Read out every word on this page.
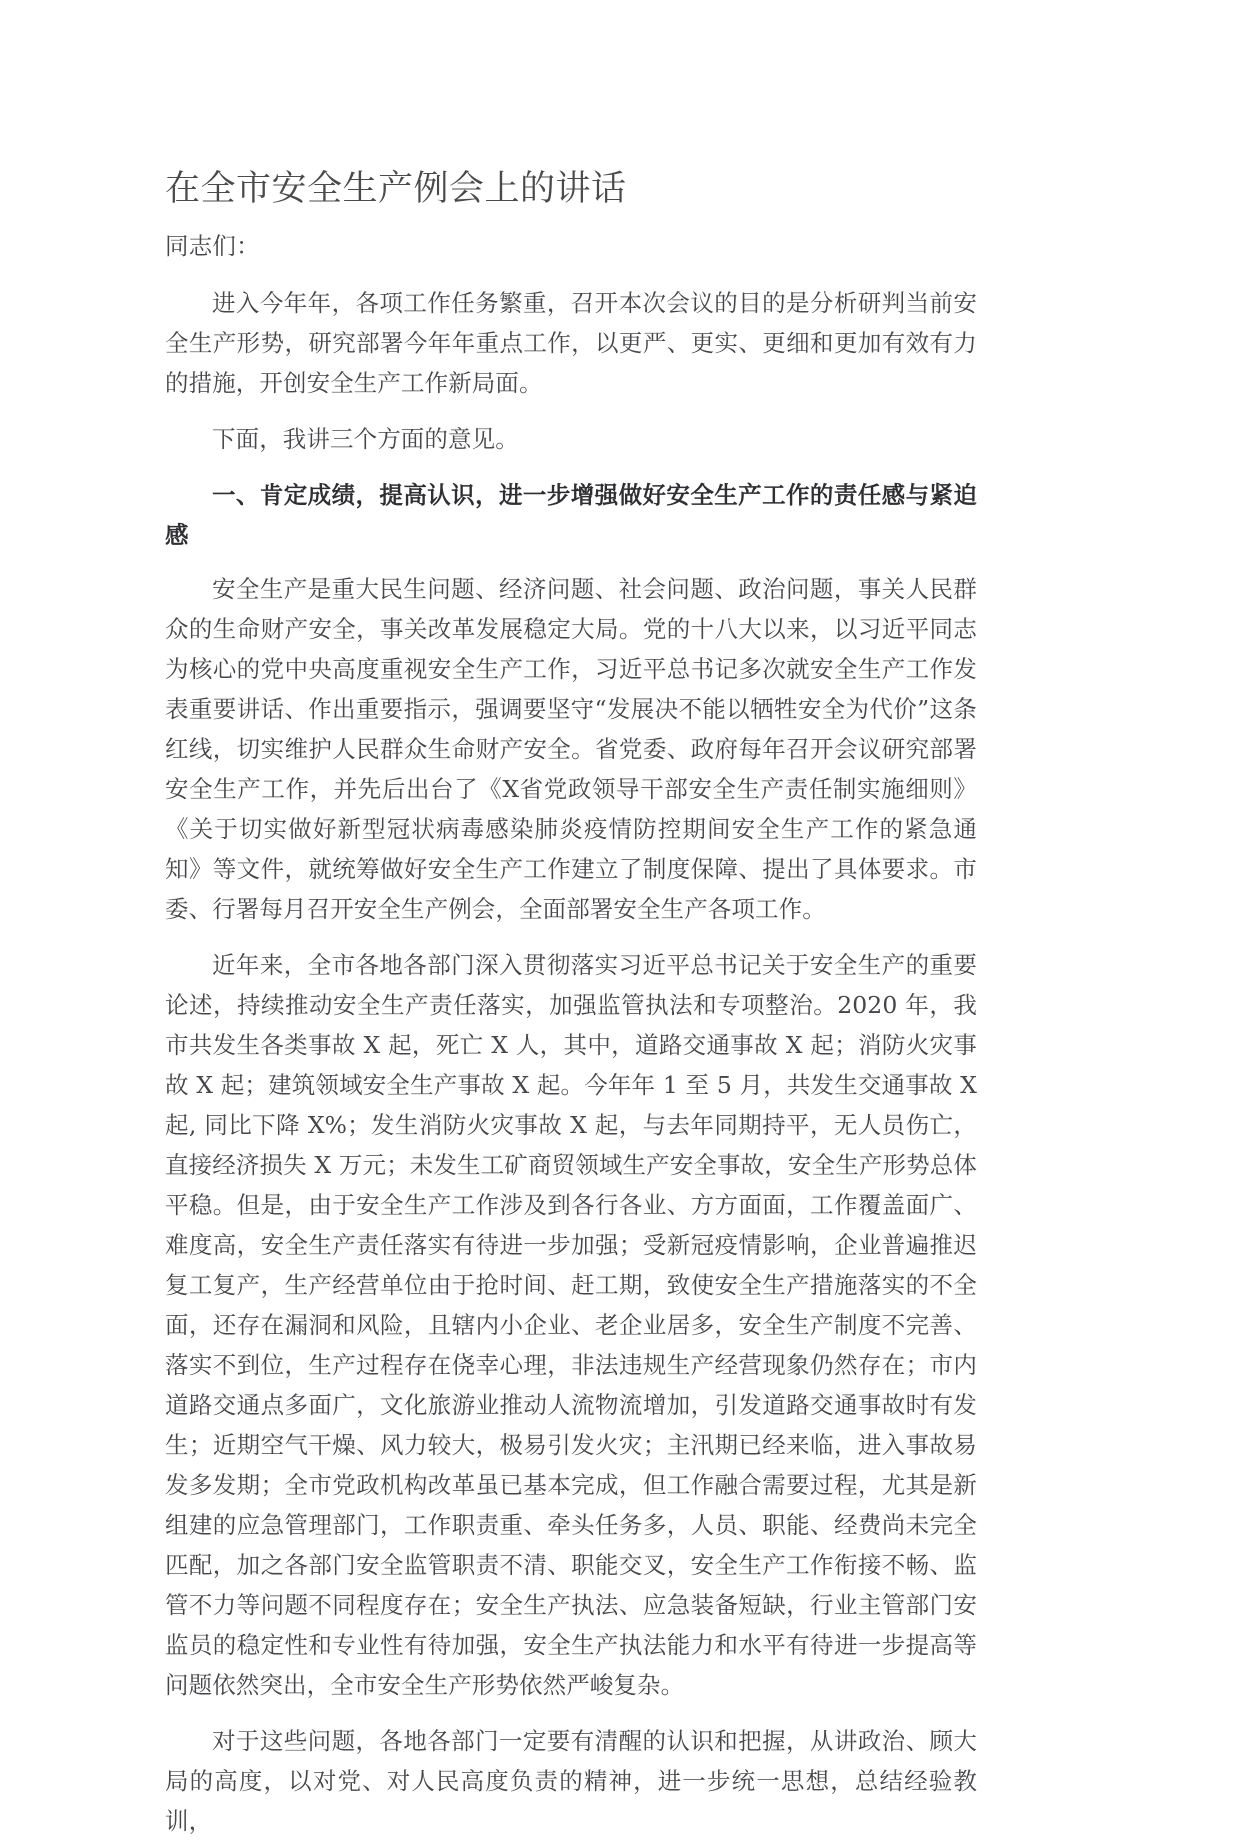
在全市安全生产例会上的讲话

同志们：

进入今年年，各项工作任务繁重，召开本次会议的目的是分析研判当前安全生产形势，研究部署今年年重点工作，以更严、更实、更细和更加有效有力的措施，开创安全生产工作新局面。

下面，我讲三个方面的意见。

一、肯定成绩，提高认识，进一步增强做好安全生产工作的责任感与紧迫感

安全生产是重大民生问题、经济问题、社会问题、政治问题，事关人民群众的生命财产安全，事关改革发展稳定大局。党的十八大以来，以习近平同志为核心的党中央高度重视安全生产工作，习近平总书记多次就安全生产工作发表重要讲话、作出重要指示，强调要坚守“发展决不能以牺牲安全为代价”这条红线，切实维护人民群众生命财产安全。省党委、政府每年召开会议研究部署安全生产工作，并先后出台了《X省党政领导干部安全生产责任制实施细则》《关于切实做好新型冠状病毒感染肺炎疫情防控期间安全生产工作的紧急通知》等文件，就统筹做好安全生产工作建立了制度保障、提出了具体要求。市委、行署每月召开安全生产例会，全面部署安全生产各项工作。

近年来，全市各地各部门深入贯彻落实习近平总书记关于安全生产的重要论述，持续推动安全生产责任落实，加强监管执法和专项整治。2020 年，我市共发生各类事故 X 起，死亡 X 人，其中，道路交通事故 X 起；消防火灾事故 X 起；建筑领域安全生产事故 X 起。今年年 1 至 5 月，共发生交通事故 X 起, 同比下降 X%；发生消防火灾事故 X 起，与去年同期持平，无人员伤亡，直接经济损失 X 万元；未发生工矿商贸领域生产安全事故，安全生产形势总体平稳。但是，由于安全生产工作涉及到各行各业、方方面面，工作覆盖面广、难度高，安全生产责任落实有待进一步加强；受新冠疫情影响，企业普遍推迟复工复产，生产经营单位由于抢时间、赶工期，致使安全生产措施落实的不全面，还存在漏洞和风险，且辖内小企业、老企业居多，安全生产制度不完善、落实不到位，生产过程存在侥幸心理，非法违规生产经营现象仍然存在；市内道路交通点多面广，文化旅游业推动人流物流增加，引发道路交通事故时有发生；近期空气干燥、风力较大，极易引发火灾；主汛期已经来临，进入事故易发多发期；全市党政机构改革虽已基本完成，但工作融合需要过程，尤其是新组建的应急管理部门，工作职责重、牵头任务多，人员、职能、经费尚未完全匹配，加之各部门安全监管职责不清、职能交叉，安全生产工作衔接不畅、监管不力等问题不同程度存在；安全生产执法、应急装备短缺，行业主管部门安监员的稳定性和专业性有待加强，安全生产执法能力和水平有待进一步提高等问题依然突出，全市安全生产形势依然严峻复杂。

对于这些问题，各地各部门一定要有清醒的认识和把握，从讲政治、顾大局的高度，以对党、对人民高度负责的精神，进一步统一思想，总结经验教训，
